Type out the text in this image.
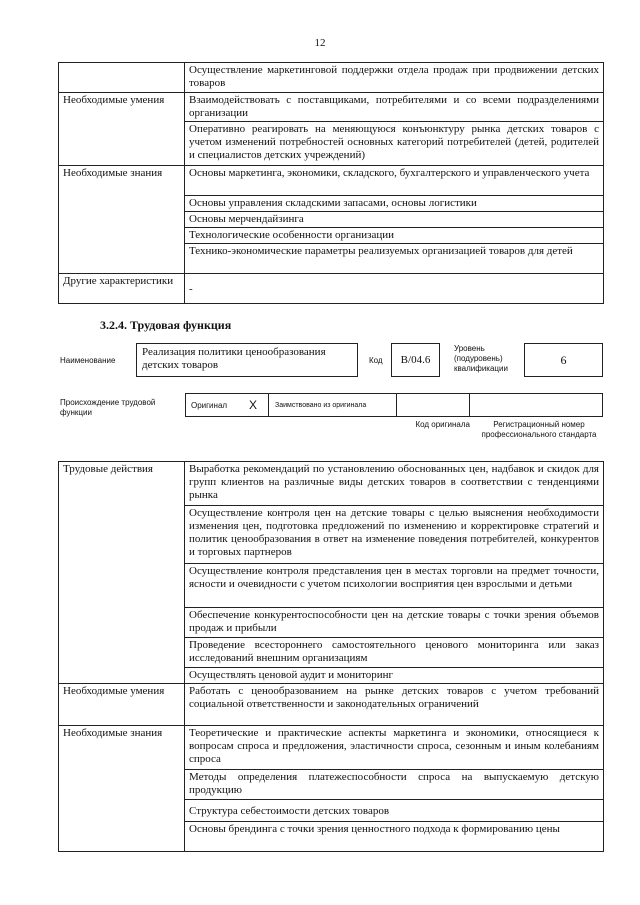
12
	Осуществление маркетинговой поддержки отдела продаж при продвижении детских товаров
Необходимые умения	Взаимодействовать с поставщиками, потребителями и со всеми подразделениями организации
	Оперативно реагировать на меняющуюся конъюнктуру рынка детских товаров с учетом изменений потребностей основных категорий потребителей (детей, родителей и специалистов детских учреждений)
Необходимые знания	Основы маркетинга, экономики, складского, бухгалтерского и управленческого учета
	Основы управления складскими запасами, основы логистики
	Основы мерчендайзинга
	Технологические особенности организации
	Технико-экономические параметры реализуемых организацией товаров для детей
Другие характеристики	-
3.2.4. Трудовая функция
Наименование
Реализация политики ценообразования детских товаров	Код	B/04.6
Уровень (подуровень) квалификации
6
Происхождение трудовой функции
Оригинал X	Заимствовано из оригинала
Код оригинала	Регистрационный номер профессионального стандарта
Трудовые действия	Выработка рекомендаций по установлению обоснованных цен, надбавок и скидок для групп клиентов на различные виды детских товаров в соответствии с тенденциями рынка
	Осуществление контроля цен на детские товары с целью выяснения необходимости изменения цен, подготовка предложений по изменению и корректировке стратегий и политик ценообразования в ответ на изменение поведения потребителей, конкурентов и торговых партнеров
	Осуществление контроля представления цен в местах торговли на предмет точности, ясности и очевидности с учетом психологии восприятия цен взрослыми и детьми
	Обеспечение конкурентоспособности цен на детские товары с точки зрения объемов продаж и прибыли
	Проведение всестороннего самостоятельного ценового мониторинга или заказ исследований внешним организациям
	Осуществлять ценовой аудит и мониторинг
Необходимые умения	Работать с ценообразованием на рынке детских товаров с учетом требований социальной ответственности и законодательных ограничений
Необходимые знания	Теоретические и практические аспекты маркетинга и экономики, относящиеся к вопросам спроса и предложения, эластичности спроса, сезонным и иным колебаниям спроса
	Методы определения платежеспособности спроса на выпускаемую детскую продукцию
	Структура себестоимости детских товаров
	Основы брендинга с точки зрения ценностного подхода к формированию цены
